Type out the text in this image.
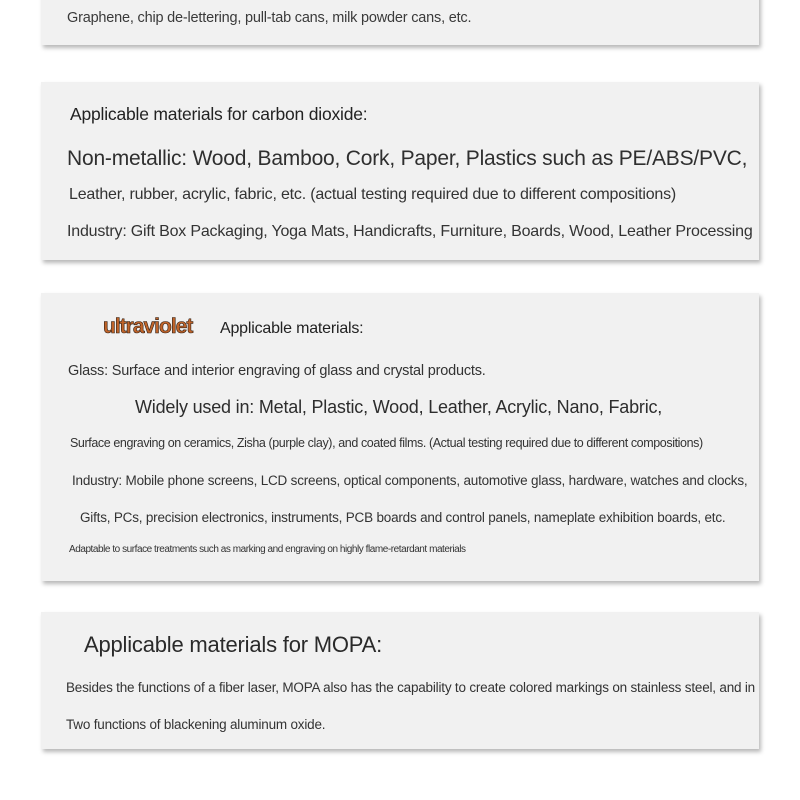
Graphene, chip de-lettering, pull-tab cans, milk powder cans, etc.
Applicable materials for carbon dioxide:
Non-metallic: Wood, Bamboo, Cork, Paper, Plastics such as PE/ABS/PVC,
Leather, rubber, acrylic, fabric, etc. (actual testing required due to different compositions)
Industry: Gift Box Packaging, Yoga Mats, Handicrafts, Furniture, Boards, Wood, Leather Processing
ultraviolet Applicable materials:
Glass: Surface and interior engraving of glass and crystal products.
Widely used in: Metal, Plastic, Wood, Leather, Acrylic, Nano, Fabric,
Surface engraving on ceramics, Zisha (purple clay), and coated films. (Actual testing required due to different compositions)
Industry: Mobile phone screens, LCD screens, optical components, automotive glass, hardware, watches and clocks,
Gifts, PCs, precision electronics, instruments, PCB boards and control panels, nameplate exhibition boards, etc.
Adaptable to surface treatments such as marking and engraving on highly flame-retardant materials
Applicable materials for MOPA:
Besides the functions of a fiber laser, MOPA also has the capability to create colored markings on stainless steel, and in
Two functions of blackening aluminum oxide.
